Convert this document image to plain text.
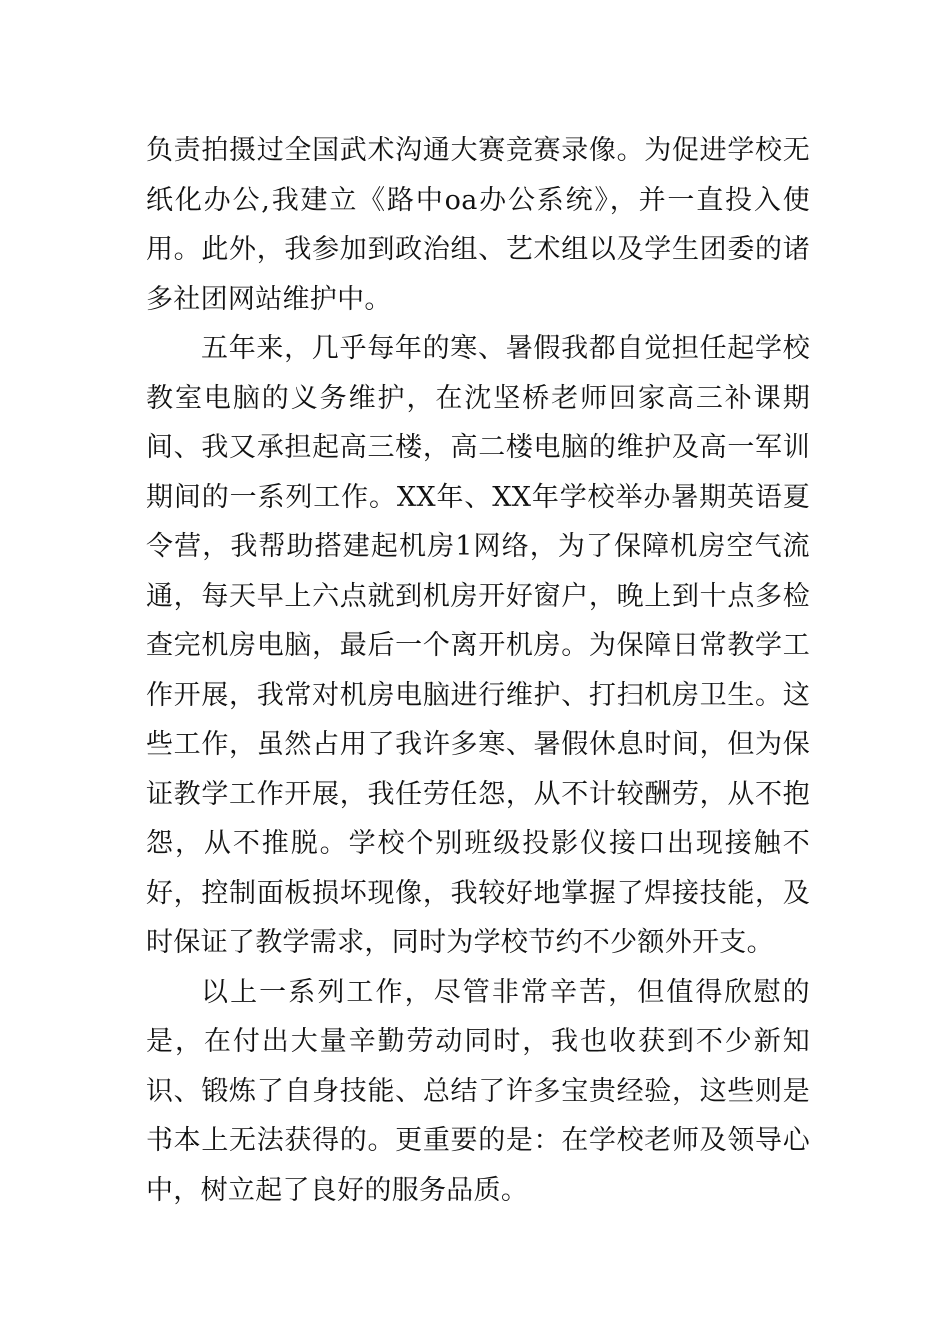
负责拍摄过全国武术沟通大赛竞赛录像。为促进学校无纸化办公,我建立《路中oa办公系统》，并一直投入使用。此外，我参加到政治组、艺术组以及学生团委的诸多社团网站维护中。

五年来，几乎每年的寒、暑假我都自觉担任起学校教室电脑的义务维护，在沈坚桥老师回家高三补课期间、我又承担起高三楼，高二楼电脑的维护及高一军训期间的一系列工作。XX年、XX年学校举办暑期英语夏令营，我帮助搭建起机房1网络，为了保障机房空气流通，每天早上六点就到机房开好窗户，晚上到十点多检查完机房电脑，最后一个离开机房。为保障日常教学工作开展，我常对机房电脑进行维护、打扫机房卫生。这些工作，虽然占用了我许多寒、暑假休息时间，但为保证教学工作开展，我任劳任怨，从不计较酬劳，从不抱怨，从不推脱。学校个别班级投影仪接口出现接触不好，控制面板损坏现像，我较好地掌握了焊接技能，及时保证了教学需求，同时为学校节约不少额外开支。

以上一系列工作，尽管非常辛苦，但值得欣慰的是，在付出大量辛勤劳动同时，我也收获到不少新知识、锻炼了自身技能、总结了许多宝贵经验，这些则是书本上无法获得的。更重要的是：在学校老师及领导心中，树立起了良好的服务品质。
